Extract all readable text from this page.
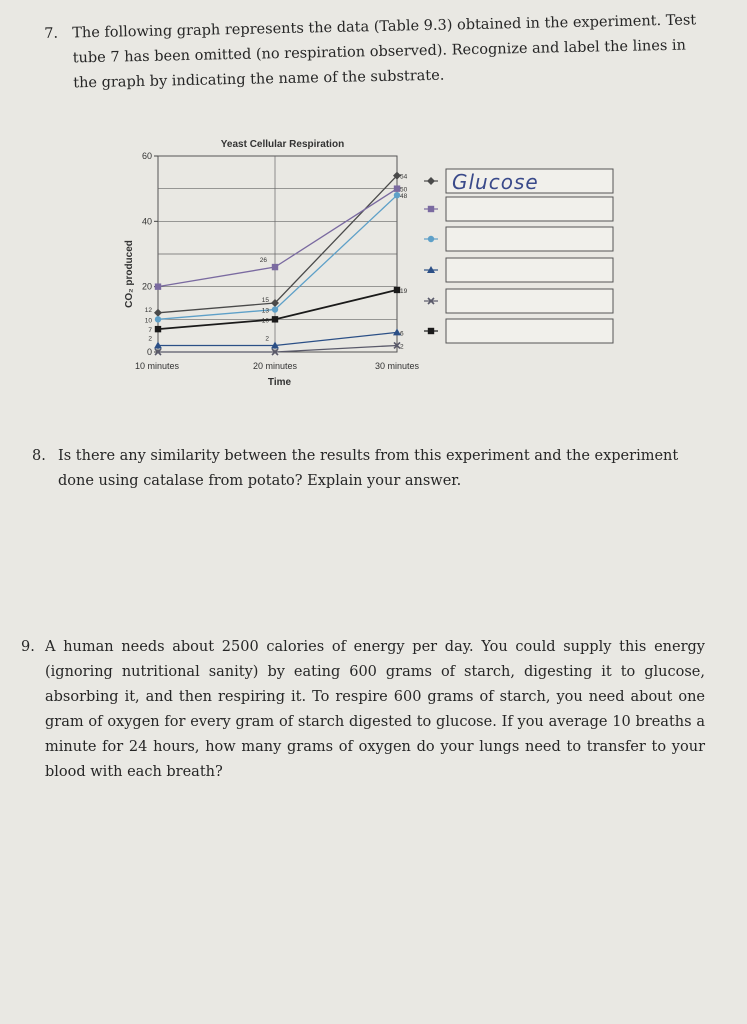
7. The following graph represents the data (Table 9.3) obtained in the experiment. Test tube 7 has been omitted (no respiration observed). Recognize and label the lines in the graph by indicating the name of the substrate.
Yeast Cellular Respiration
0
20
40
60
10 minutes	20 minutes	30 minutes
Time
CO₂ produced
12
15
54
26
50
10
13
48
2	2
6
2
7
10
19
Glucose
8. Is there any similarity between the results from this experiment and the experiment done using catalase from potato? Explain your answer.
9. A human needs about 2500 calories of energy per day. You could supply this energy (ignoring nutritional sanity) by eating 600 grams of starch, digesting it to glucose, absorbing it, and then respiring it. To respire 600 grams of starch, you need about one gram of oxygen for every gram of starch digested to glucose. If you average 10 breaths a minute for 24 hours, how many grams of oxygen do your lungs need to transfer to your blood with each breath?
